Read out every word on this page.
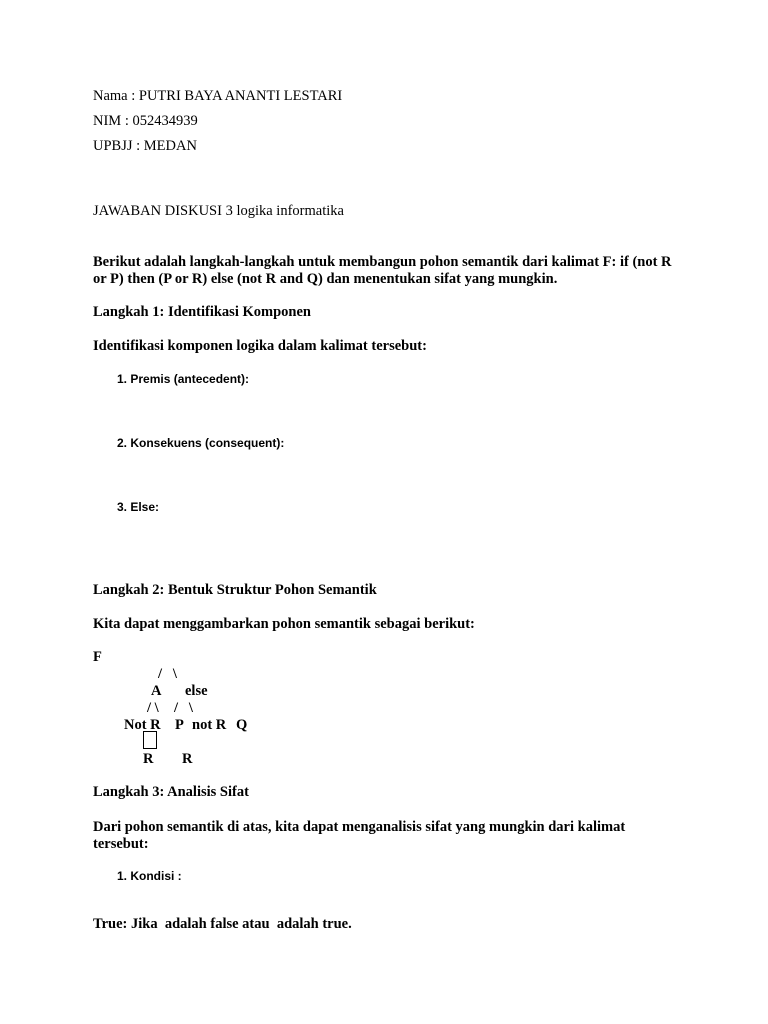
Nama : PUTRI BAYA ANANTI LESTARI
NIM : 052434939
UPBJJ : MEDAN
JAWABAN DISKUSI 3 logika informatika
Berikut adalah langkah-langkah untuk membangun pohon semantik dari kalimat F: if (not R or P) then (P or R) else (not R and Q) dan menentukan sifat yang mungkin.
Langkah 1: Identifikasi Komponen
Identifikasi komponen logika dalam kalimat tersebut:
1. Premis (antecedent):
2. Konsekuens (consequent):
3. Else:
Langkah 2: Bentuk Struktur Pohon Semantik
Kita dapat menggambarkan pohon semantik sebagai berikut:
F
/   \
A else
/ \ /   \
Not R P not R Q
R R
Langkah 3: Analisis Sifat
Dari pohon semantik di atas, kita dapat menganalisis sifat yang mungkin dari kalimat tersebut:
1. Kondisi :
True: Jika  adalah false atau  adalah true.
